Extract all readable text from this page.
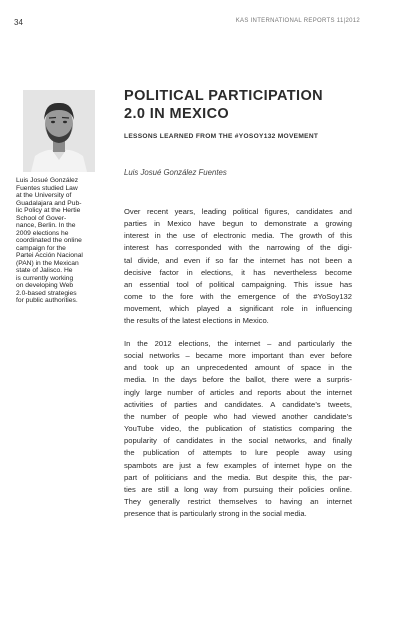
34	KAS INTERNATIONAL REPORTS 11|2012
Luis Josué González
Fuentes studied Law
at the University of
Guadalajara and Pub-
lic Policy at the Hertie
School of Gover-
nance, Berlin. In the
2009 elections he
coordinated the online
campaign for the
Partei Acción Nacional
(PAN) in the Mexican
state of Jalisco. He
is currently working
on developing Web
2.0-based strategies
for public authorities.
POLITICAL PARTICIPATION
2.0 IN MEXICO
LESSONS LEARNED FROM THE #YOSOY132 MOVEMENT
Luis Josué González Fuentes
Over recent years, leading political figures, candidates and
parties in Mexico have begun to demonstrate a growing
interest in the use of electronic media. The growth of this
interest has corresponded with the narrowing of the digi-
tal divide, and even if so far the internet has not been a
decisive factor in elections, it has nevertheless become
an essential tool of political campaigning. This issue has
come to the fore with the emergence of the #YoSoy132
movement, which played a significant role in influencing
the results of the latest elections in Mexico.
In the 2012 elections, the internet – and particularly the
social networks – became more important than ever before
and took up an unprecedented amount of space in the
media. In the days before the ballot, there were a surpris-
ingly large number of articles and reports about the internet
activities of parties and candidates. A candidate’s tweets,
the number of people who had viewed another candidate’s
YouTube video, the publication of statistics comparing the
popularity of candidates in the social networks, and finally
the publication of attempts to lure people away using
spambots are just a few examples of internet hype on the
part of politicians and the media. But despite this, the par-
ties are still a long way from pursuing their policies online.
They generally restrict themselves to having an internet
presence that is particularly strong in the social media.
